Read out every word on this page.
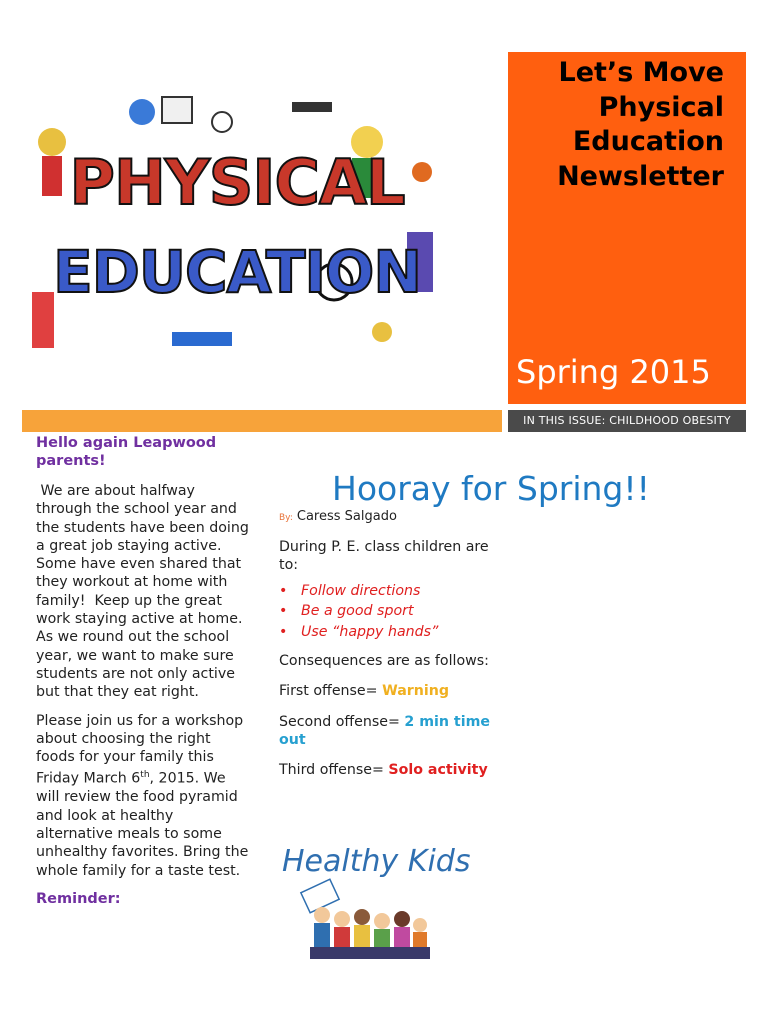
PHYSICAL
EDUCATION
Let’s Move
Physical
Education
Newsletter
Spring 2015
IN THIS ISSUE: CHILDHOOD OBESITY
Hello again Leapwood parents!

We are about halfway through the school year and the students have been doing a great job staying active.  Some have even shared that they workout at home with family!  Keep up the great work staying active at home.  As we round out the school year, we want to make sure students are not only active but that they eat right.

Please join us for a workshop about choosing the right foods for your family this Friday March 6th, 2015. We will review the food pyramid and look at healthy alternative meals to some unhealthy favorites. Bring the whole family for a taste test.

Reminder:
Hooray for Spring!!
By: Caress Salgado

During P. E. class children are to:

• Follow directions
• Be a good sport
• Use “happy hands”

Consequences are as follows:

First offense= Warning

Second offense= 2 min time out

Third offense= Solo activity

Healthy Kids
